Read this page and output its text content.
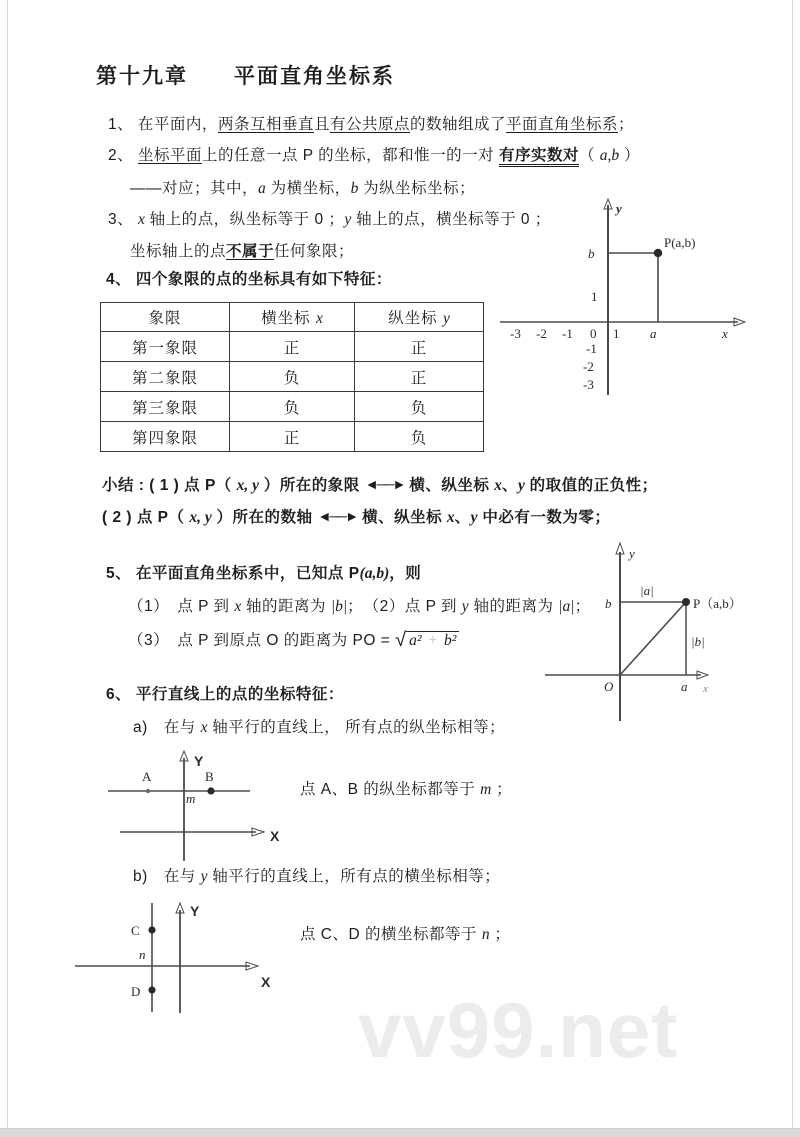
vv99.net
第十九章　　平面直角坐标系
1、 在平面内，两条互相垂直且有公共原点的数轴组成了平面直角坐标系；
2、 坐标平面上的任意一点 P 的坐标，都和惟一的一对 有序实数对（ a,b ）
——对应；其中，a 为横坐标，b 为纵坐标坐标；
3、 x 轴上的点，纵坐标等于 0 ；y 轴上的点，横坐标等于 0 ；
坐标轴上的点不属于任何象限；
4、 四个象限的点的坐标具有如下特征：
象限	横坐标 x	纵坐标 y
第一象限	正	正
第二象限	负	正
第三象限	负	负
第四象限	正	负
y
x
P(a,b)
b
1
-3 -2 -1 0 1 a
-1
-2
-3
小结 : ( 1 ) 点 P（ x, y ）所在的象限 ◄──► 横、纵坐标 x、y 的取值的正负性；
( 2 ) 点 P（ x, y ）所在的数轴 ◄──► 横、纵坐标 x、y 中必有一数为零；
5、 在平面直角坐标系中，已知点 P(a,b)，则
（1）　点 P 到 x 轴的距离为 |b|；　（2）点 P 到 y 轴的距离为 |a|；
（3）　点 P 到原点 O 的距离为 PO = √ a² + b²
y
x
P（a,b）
|a|
|b|
b
O	a
6、 平行直线上的点的坐标特征：
a)　在与 x 轴平行的直线上， 所有点的纵坐标相等；
Y
X
A	B
m
点 A、B 的纵坐标都等于 m ；
b)　在与 y 轴平行的直线上，所有点的横坐标相等；
Y
X
C
D
n
点 C、D 的横坐标都等于 n ；
